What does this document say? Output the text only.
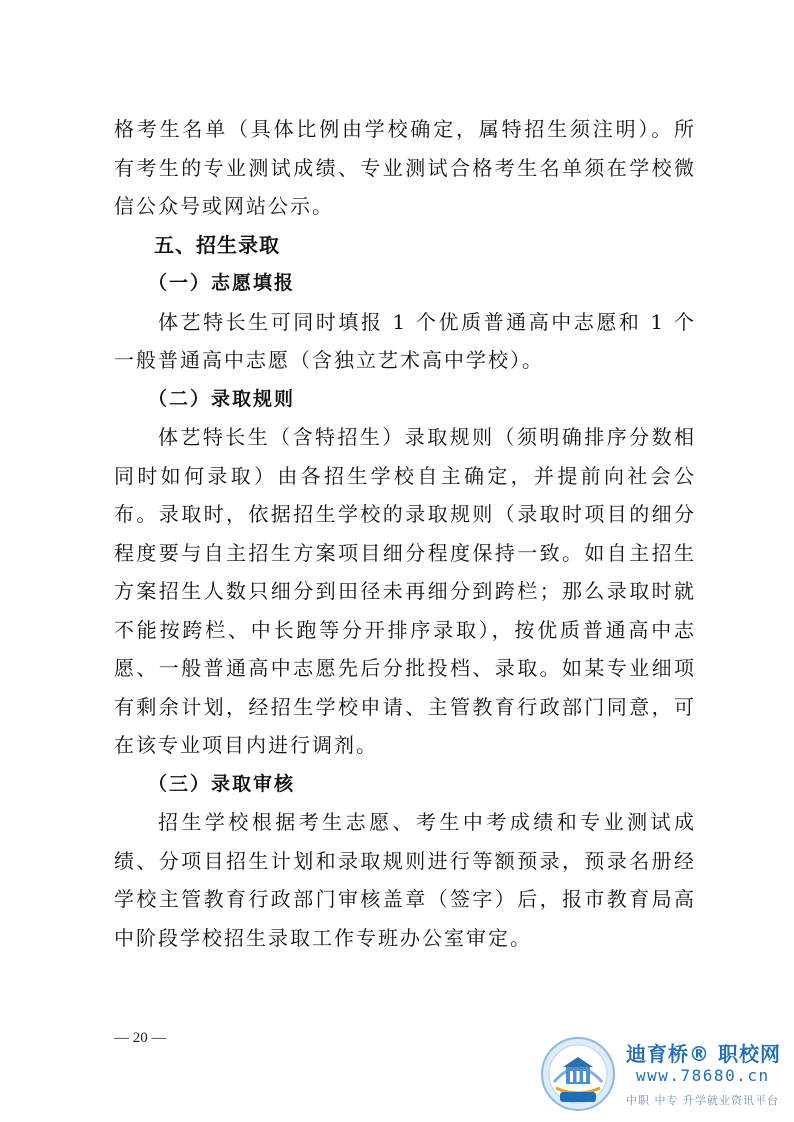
格考生名单（具体比例由学校确定，属特招生须注明）。所有考生的专业测试成绩、专业测试合格考生名单须在学校微信公众号或网站公示。

五、招生录取

（一）志愿填报

体艺特长生可同时填报 1 个优质普通高中志愿和 1 个一般普通高中志愿（含独立艺术高中学校）。

（二）录取规则

体艺特长生（含特招生）录取规则（须明确排序分数相同时如何录取）由各招生学校自主确定，并提前向社会公布。录取时，依据招生学校的录取规则（录取时项目的细分程度要与自主招生方案项目细分程度保持一致。如自主招生方案招生人数只细分到田径未再细分到跨栏；那么录取时就不能按跨栏、中长跑等分开排序录取），按优质普通高中志愿、一般普通高中志愿先后分批投档、录取。如某专业细项有剩余计划，经招生学校申请、主管教育行政部门同意，可在该专业项目内进行调剂。

（三）录取审核

招生学校根据考生志愿、考生中考成绩和专业测试成绩、分项目招生计划和录取规则进行等额预录，预录名册经学校主管教育行政部门审核盖章（签字）后，报市教育局高中阶段学校招生录取工作专班办公室审定。

— 20 —
迪育桥® 职校网
www.78680.cn
中职 中专 升学就业资讯平台
